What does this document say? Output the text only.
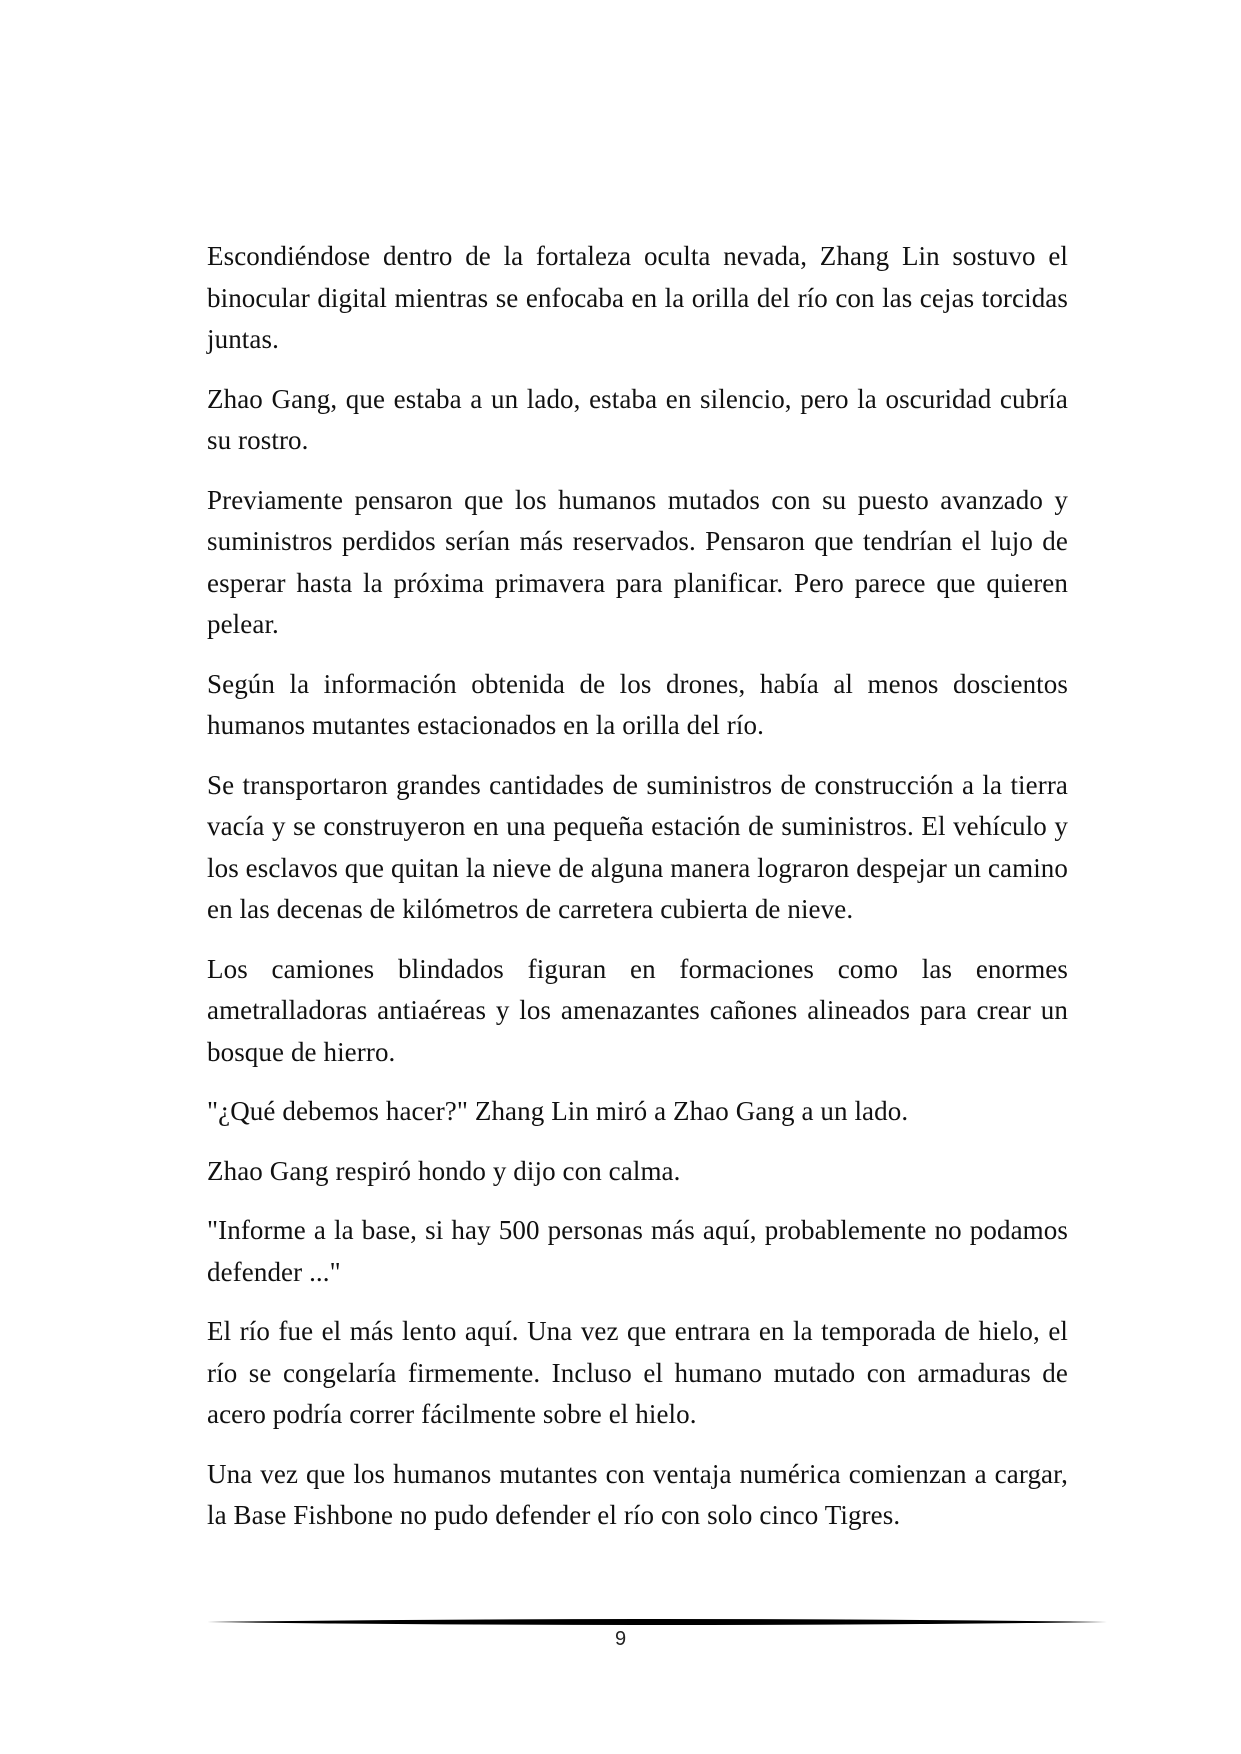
Escondiéndose dentro de la fortaleza oculta nevada, Zhang Lin sostuvo el binocular digital mientras se enfocaba en la orilla del río con las cejas torcidas juntas.

Zhao Gang, que estaba a un lado, estaba en silencio, pero la oscuridad cubría su rostro.

Previamente pensaron que los humanos mutados con su puesto avanzado y suministros perdidos serían más reservados. Pensaron que tendrían el lujo de esperar hasta la próxima primavera para planificar. Pero parece que quieren pelear.

Según la información obtenida de los drones, había al menos doscientos humanos mutantes estacionados en la orilla del río.

Se transportaron grandes cantidades de suministros de construcción a la tierra vacía y se construyeron en una pequeña estación de suministros. El vehículo y los esclavos que quitan la nieve de alguna manera lograron despejar un camino en las decenas de kilómetros de carretera cubierta de nieve.

Los camiones blindados figuran en formaciones como las enormes ametralladoras antiaéreas y los amenazantes cañones alineados para crear un bosque de hierro.

"¿Qué debemos hacer?" Zhang Lin miró a Zhao Gang a un lado.

Zhao Gang respiró hondo y dijo con calma.

"Informe a la base, si hay 500 personas más aquí, probablemente no podamos defender ..."

El río fue el más lento aquí. Una vez que entrara en la temporada de hielo, el río se congelaría firmemente. Incluso el humano mutado con armaduras de acero podría correr fácilmente sobre el hielo.

Una vez que los humanos mutantes con ventaja numérica comienzan a cargar, la Base Fishbone no pudo defender el río con solo cinco Tigres.

9
